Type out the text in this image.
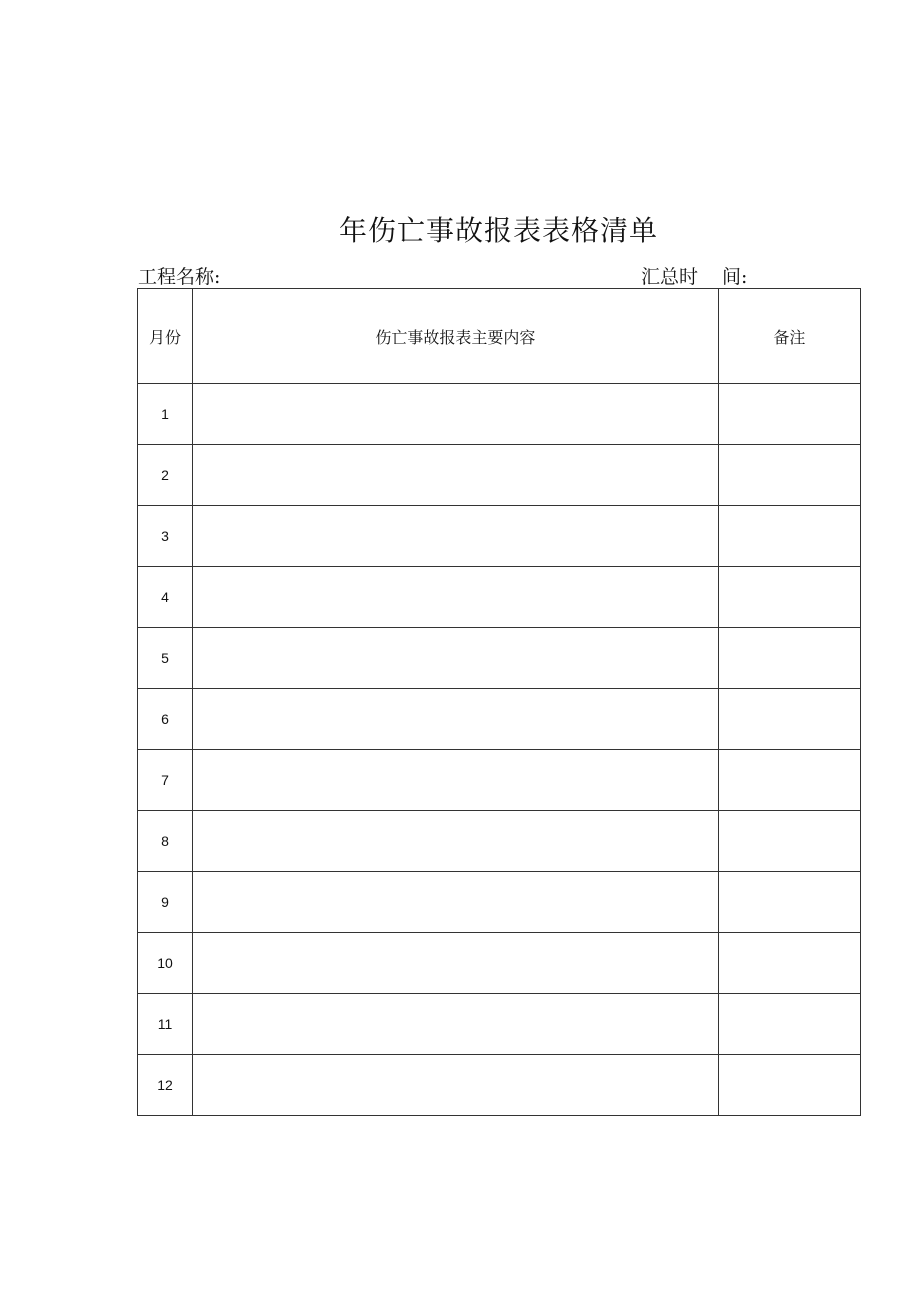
年伤亡事故报表表格清单
工程名称:	汇总时 间:
月份	伤亡事故报表主要内容	备注
1		
2		
3		
4		
5		
6		
7		
8		
9		
10		
11		
12		
